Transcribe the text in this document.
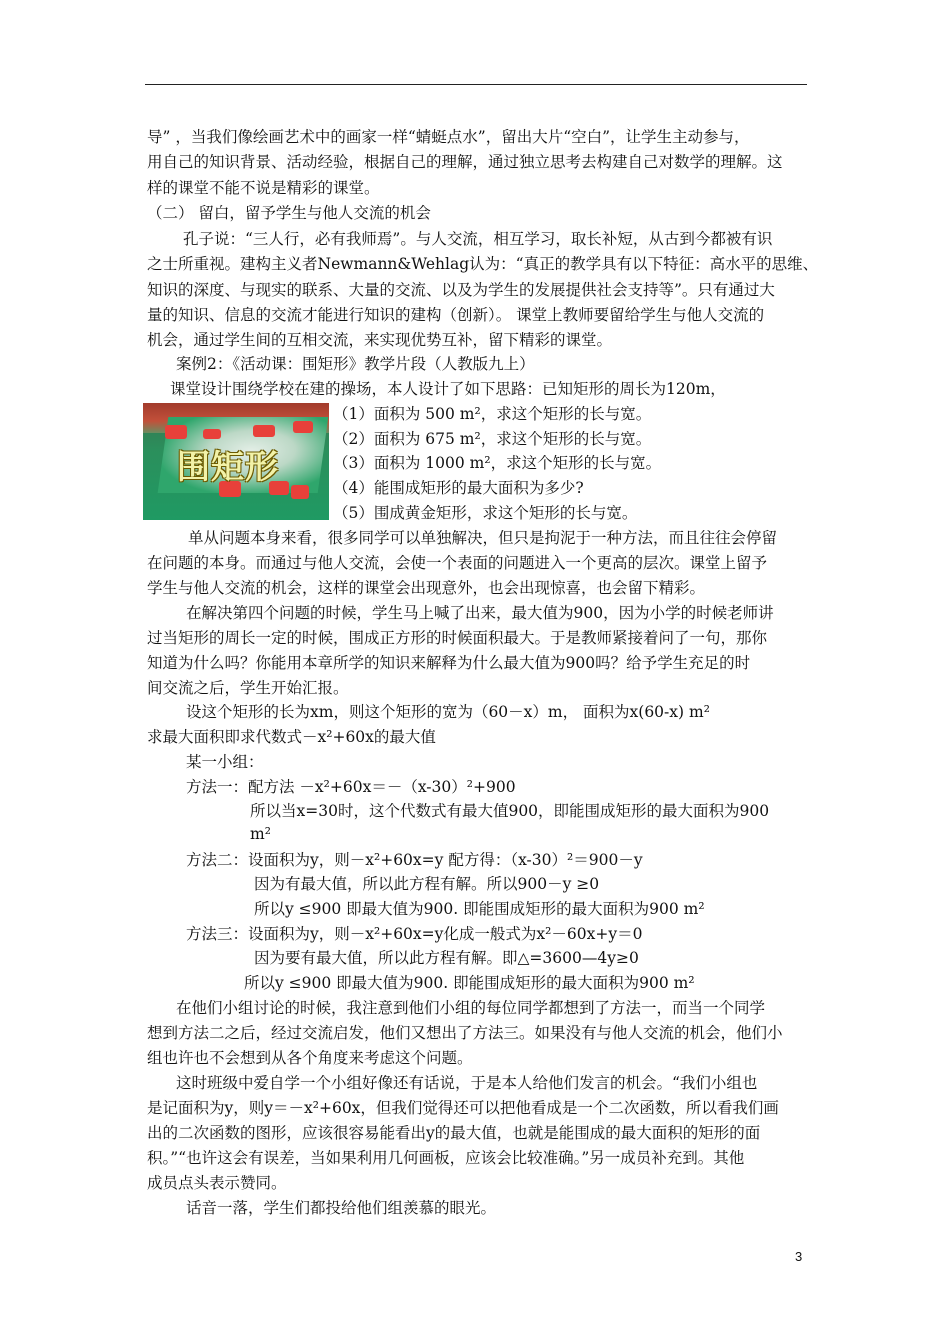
围矩形
导” ，当我们像绘画艺术中的画家一样“蜻蜓点水”，留出大片“空白”，让学生主动参与，
用自己的知识背景、活动经验，根据自己的理解，通过独立思考去构建自己对数学的理解。这
样的课堂不能不说是精彩的课堂。
（二） 留白，留予学生与他人交流的机会
孔子说：“三人行，必有我师焉”。与人交流，相互学习，取长补短，从古到今都被有识
之士所重视。建构主义者Newmann&Wehlag认为：“真正的教学具有以下特征：高水平的思维、
知识的深度、与现实的联系、大量的交流、以及为学生的发展提供社会支持等”。只有通过大
量的知识、信息的交流才能进行知识的建构（创新）。 课堂上教师要留给学生与他人交流的
机会，通过学生间的互相交流，来实现优势互补，留下精彩的课堂。
案例2：《活动课：围矩形》教学片段（人教版九上）
课堂设计围绕学校在建的操场，本人设计了如下思路：已知矩形的周长为120m，
（1）面积为 500 m²，求这个矩形的长与宽。
（2）面积为 675 m²，求这个矩形的长与宽。
（3）面积为 1000 m²，求这个矩形的长与宽。
（4）能围成矩形的最大面积为多少?
（5）围成黄金矩形，求这个矩形的长与宽。
单从问题本身来看，很多同学可以单独解决，但只是拘泥于一种方法，而且往往会停留
在问题的本身。而通过与他人交流，会使一个表面的问题进入一个更高的层次。课堂上留予
学生与他人交流的机会，这样的课堂会出现意外，也会出现惊喜，也会留下精彩。
在解决第四个问题的时候，学生马上喊了出来，最大值为900，因为小学的时候老师讲
过当矩形的周长一定的时候，围成正方形的时候面积最大。于是教师紧接着问了一句，那你
知道为什么吗？你能用本章所学的知识来解释为什么最大值为900吗？给予学生充足的时
间交流之后，学生开始汇报。
设这个矩形的长为xm，则这个矩形的宽为（60－x）m， 面积为x(60-x) m²
求最大面积即求代数式－x²+60x的最大值
某一小组：
方法一：配方法 －x²+60x＝－（x-30）²+900
所以当x=30时，这个代数式有最大值900，即能围成矩形的最大面积为900
m²
方法二：设面积为y，则－x²+60x=y 配方得：（x-30）²＝900－y
因为有最大值，所以此方程有解。所以900－y ≥0
所以y ≤900 即最大值为900. 即能围成矩形的最大面积为900 m²
方法三：设面积为y，则－x²+60x=y化成一般式为x²－60x+y＝0
因为要有最大值，所以此方程有解。即△=3600—4y≥0
所以y ≤900 即最大值为900. 即能围成矩形的最大面积为900 m²
在他们小组讨论的时候，我注意到他们小组的每位同学都想到了方法一，而当一个同学
想到方法二之后，经过交流启发，他们又想出了方法三。如果没有与他人交流的机会，他们小
组也许也不会想到从各个角度来考虑这个问题。
这时班级中爱自学一个小组好像还有话说，于是本人给他们发言的机会。“我们小组也
是记面积为y，则y＝－x²+60x，但我们觉得还可以把他看成是一个二次函数，所以看我们画
出的二次函数的图形，应该很容易能看出y的最大值，也就是能围成的最大面积的矩形的面
积。”“也许这会有误差，当如果利用几何画板，应该会比较准确。”另一成员补充到。其他
成员点头表示赞同。
话音一落，学生们都投给他们组羡慕的眼光。
3
